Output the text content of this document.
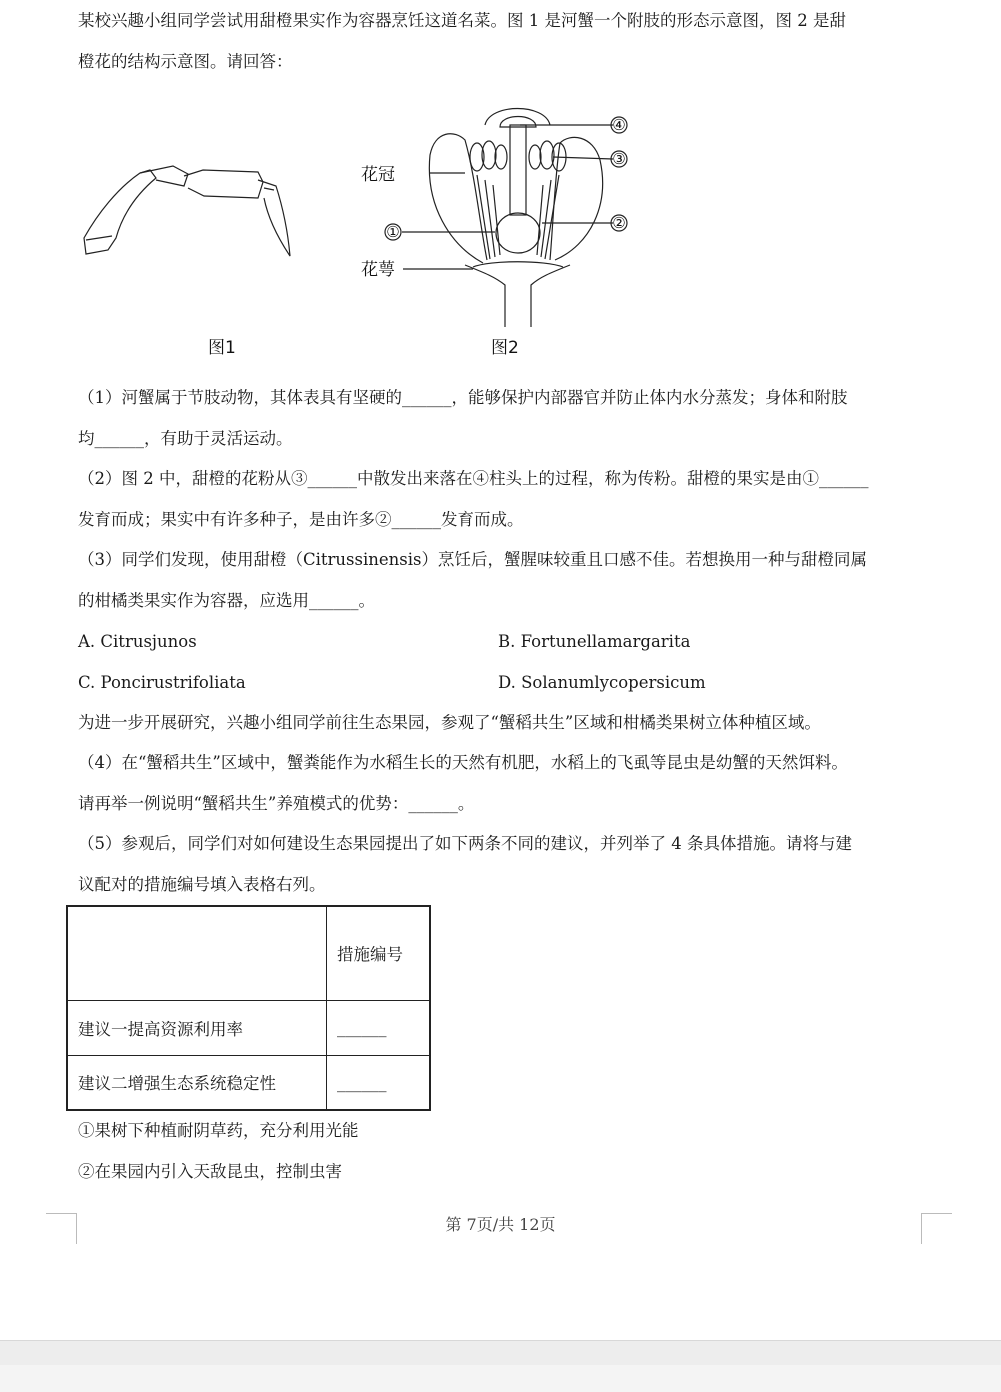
某校兴趣小组同学尝试用甜橙果实作为容器烹饪这道名菜。图 1 是河蟹一个附肢的形态示意图，图 2 是甜
橙花的结构示意图。请回答：
图1
④
③
②
①
花冠
花萼
图2
（1）河蟹属于节肢动物，其体表具有坚硬的______，能够保护内部器官并防止体内水分蒸发；身体和附肢
均______，有助于灵活运动。
（2）图 2 中，甜橙的花粉从③______中散发出来落在④柱头上的过程，称为传粉。甜橙的果实是由①______
发育而成；果实中有许多种子，是由许多②______发育而成。
（3）同学们发现，使用甜橙（Citrussinensis）烹饪后，蟹腥味较重且口感不佳。若想换用一种与甜橙同属
的柑橘类果实作为容器，应选用______。
A. Citrusjunos	B. Fortunellamargarita
C. Poncirustrifoliata	D. Solanumlycopersicum
为进一步开展研究，兴趣小组同学前往生态果园，参观了“蟹稻共生”区域和柑橘类果树立体种植区域。
（4）在“蟹稻共生”区域中，蟹粪能作为水稻生长的天然有机肥，水稻上的飞虱等昆虫是幼蟹的天然饵料。
请再举一例说明“蟹稻共生”养殖模式的优势：______。
（5）参观后，同学们对如何建设生态果园提出了如下两条不同的建议，并列举了 4 条具体措施。请将与建
议配对的措施编号填入表格右列。
	措施编号
建议一提高资源利用率	______
建议二增强生态系统稳定性	______
①果树下种植耐阴草药，充分利用光能
②在果园内引入天敌昆虫，控制虫害
第 7页/共 12页
